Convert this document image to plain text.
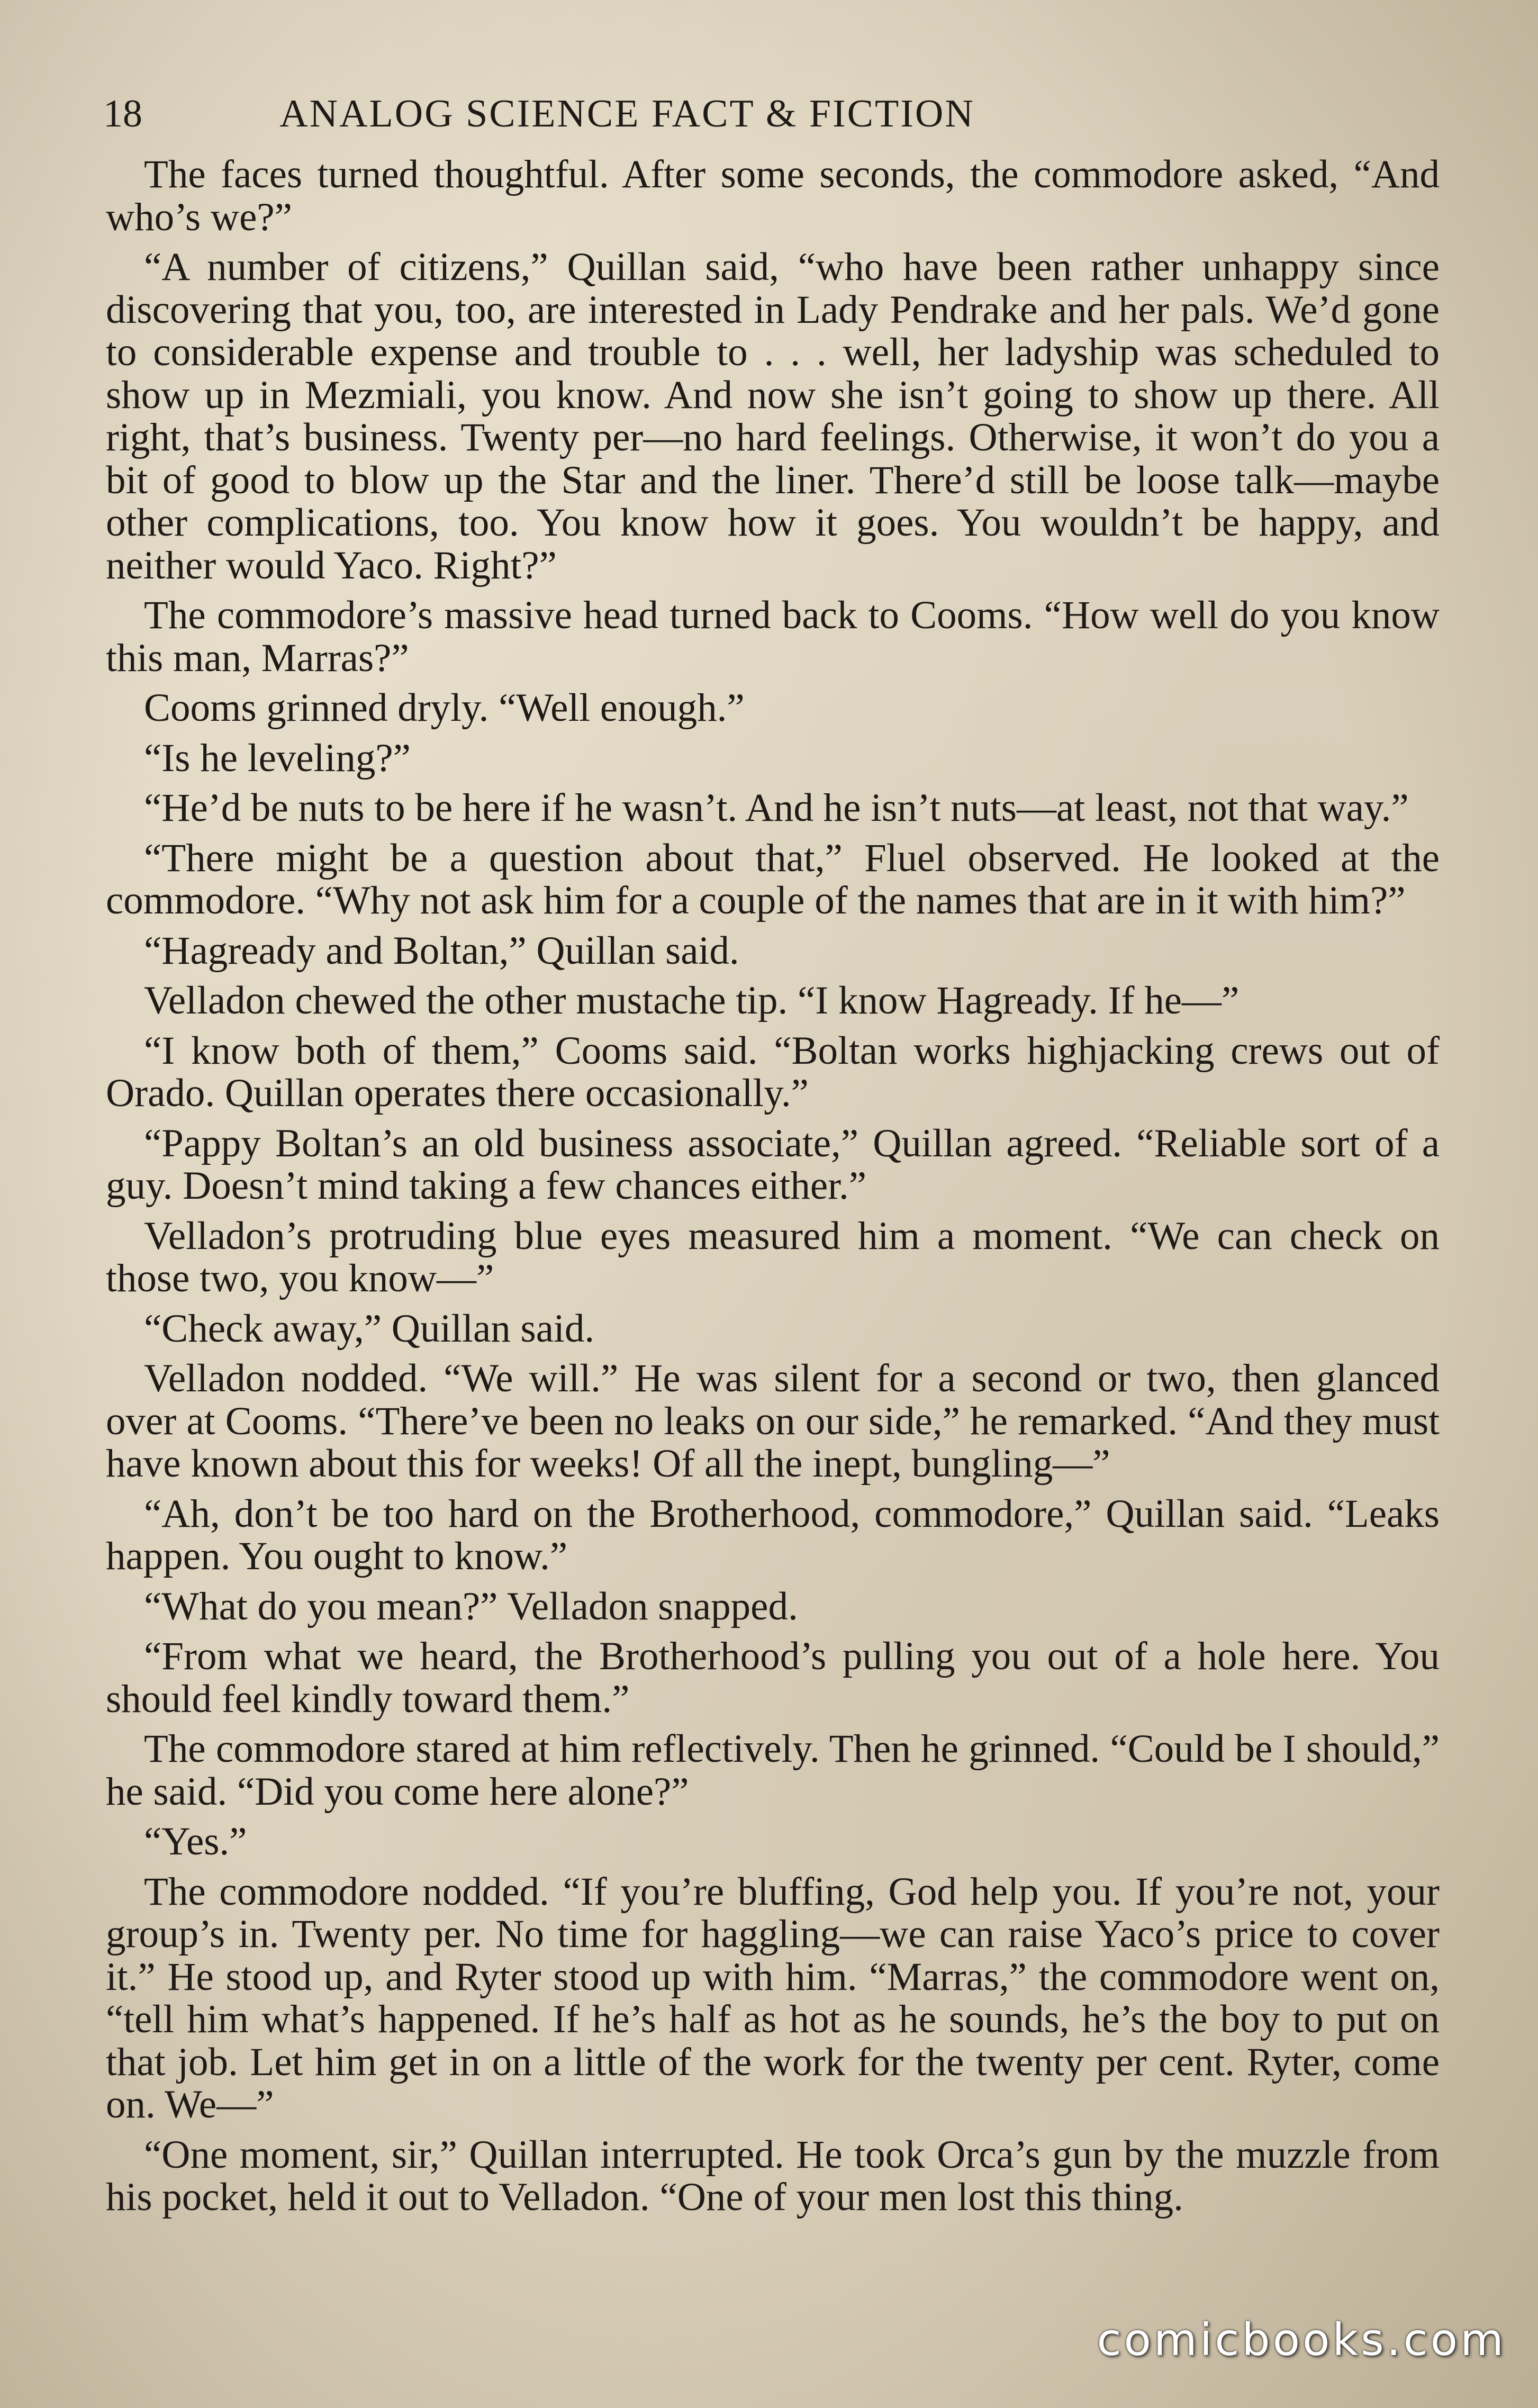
18	ANALOG SCIENCE FACT & FICTION

The faces turned thoughtful. After some seconds, the commodore asked, “And who’s we?”

“A number of citizens,” Quillan said, “who have been rather unhappy since discovering that you, too, are interested in Lady Pendrake and her pals. We’d gone to considerable expense and trouble to . . . well, her ladyship was scheduled to show up in Mezmiali, you know. And now she isn’t going to show up there. All right, that’s business. Twenty per—no hard feelings. Otherwise, it won’t do you a bit of good to blow up the Star and the liner. There’d still be loose talk—maybe other complications, too. You know how it goes. You wouldn’t be happy, and neither would Yaco. Right?”

The commodore’s massive head turned back to Cooms. “How well do you know this man, Marras?”

Cooms grinned dryly. “Well enough.”

“Is he leveling?”

“He’d be nuts to be here if he wasn’t. And he isn’t nuts—at least, not that way.”

“There might be a question about that,” Fluel observed. He looked at the commodore. “Why not ask him for a couple of the names that are in it with him?”

“Hagready and Boltan,” Quillan said.

Velladon chewed the other mustache tip. “I know Hagready. If he—”

“I know both of them,” Cooms said. “Boltan works highjacking crews out of Orado. Quillan operates there occasionally.”

“Pappy Boltan’s an old business associate,” Quillan agreed. “Reliable sort of a guy. Doesn’t mind taking a few chances either.”

Velladon’s protruding blue eyes measured him a moment. “We can check on those two, you know—”

“Check away,” Quillan said.

Velladon nodded. “We will.” He was silent for a second or two, then glanced over at Cooms. “There’ve been no leaks on our side,” he remarked. “And they must have known about this for weeks! Of all the inept, bungling—”

“Ah, don’t be too hard on the Brotherhood, commodore,” Quillan said. “Leaks happen. You ought to know.”

“What do you mean?” Velladon snapped.

“From what we heard, the Brotherhood’s pulling you out of a hole here. You should feel kindly toward them.”

The commodore stared at him reflectively. Then he grinned. “Could be I should,” he said. “Did you come here alone?”

“Yes.”

The commodore nodded. “If you’re bluffing, God help you. If you’re not, your group’s in. Twenty per. No time for haggling—we can raise Yaco’s price to cover it.” He stood up, and Ryter stood up with him. “Marras,” the commodore went on, “tell him what’s happened. If he’s half as hot as he sounds, he’s the boy to put on that job. Let him get in on a little of the work for the twenty per cent. Ryter, come on. We—”

“One moment, sir,” Quillan interrupted. He took Orca’s gun by the muzzle from his pocket, held it out to Velladon. “One of your men lost this thing.

comicbooks.com
